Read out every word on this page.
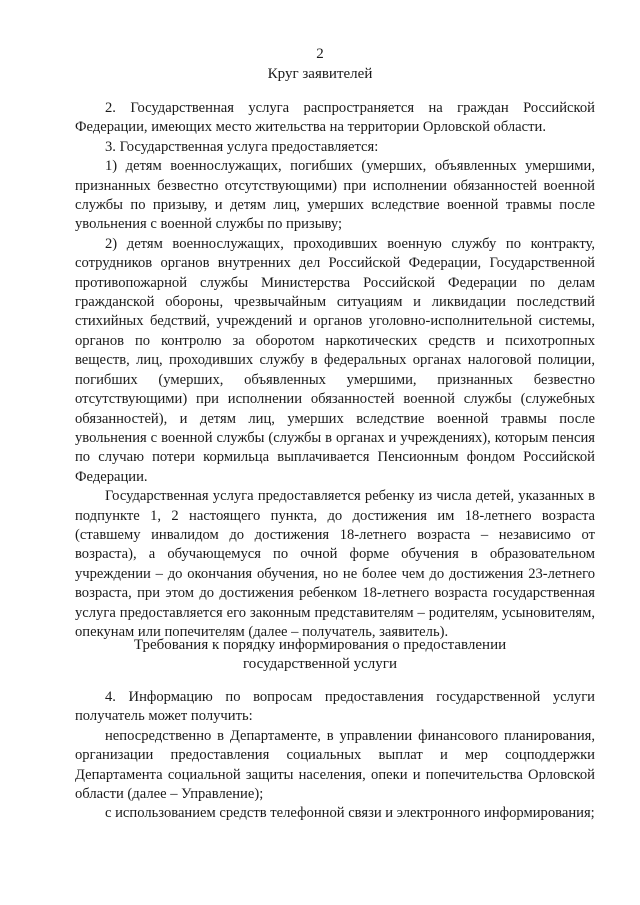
2
Круг заявителей

2. Государственная услуга распространяется на граждан Российской Федерации, имеющих место жительства на территории Орловской области.

3. Государственная услуга предоставляется:

1) детям военнослужащих, погибших (умерших, объявленных умершими, признанных безвестно отсутствующими) при исполнении обязанностей военной службы по призыву, и детям лиц, умерших вследствие военной травмы после увольнения с военной службы по призыву;

2) детям военнослужащих, проходивших военную службу по контракту, сотрудников органов внутренних дел Российской Федерации, Государственной противопожарной службы Министерства Российской Федерации по делам гражданской обороны, чрезвычайным ситуациям и ликвидации последствий стихийных бедствий, учреждений и органов уголовно-исполнительной системы, органов по контролю за оборотом наркотических средств и психотропных веществ, лиц, проходивших службу в федеральных органах налоговой полиции, погибших (умерших, объявленных умершими, признанных безвестно отсутствующими) при исполнении обязанностей военной службы (служебных обязанностей), и детям лиц, умерших вследствие военной травмы после увольнения с военной службы (службы в органах и учреждениях), которым пенсия по случаю потери кормильца выплачивается Пенсионным фондом Российской Федерации.

Государственная услуга предоставляется ребенку из числа детей, указанных в подпункте 1, 2 настоящего пункта, до достижения им 18-летнего возраста (ставшему инвалидом до достижения 18-летнего возраста – независимо от возраста), а обучающемуся по очной форме обучения в образовательном учреждении – до окончания обучения, но не более чем до достижения 23-летнего возраста, при этом до достижения ребенком 18-летнего возраста государственная услуга предоставляется его законным представителям – родителям, усыновителям, опекунам или попечителям (далее – получатель, заявитель).

Требования к порядку информирования о предоставлении
государственной услуги

4. Информацию по вопросам предоставления государственной услуги получатель может получить:

непосредственно в Департаменте, в управлении финансового планирования, организации предоставления социальных выплат и мер соцподдержки Департамента социальной защиты населения, опеки и попечительства Орловской области (далее – Управление);

с использованием средств телефонной связи и электронного информирования;
